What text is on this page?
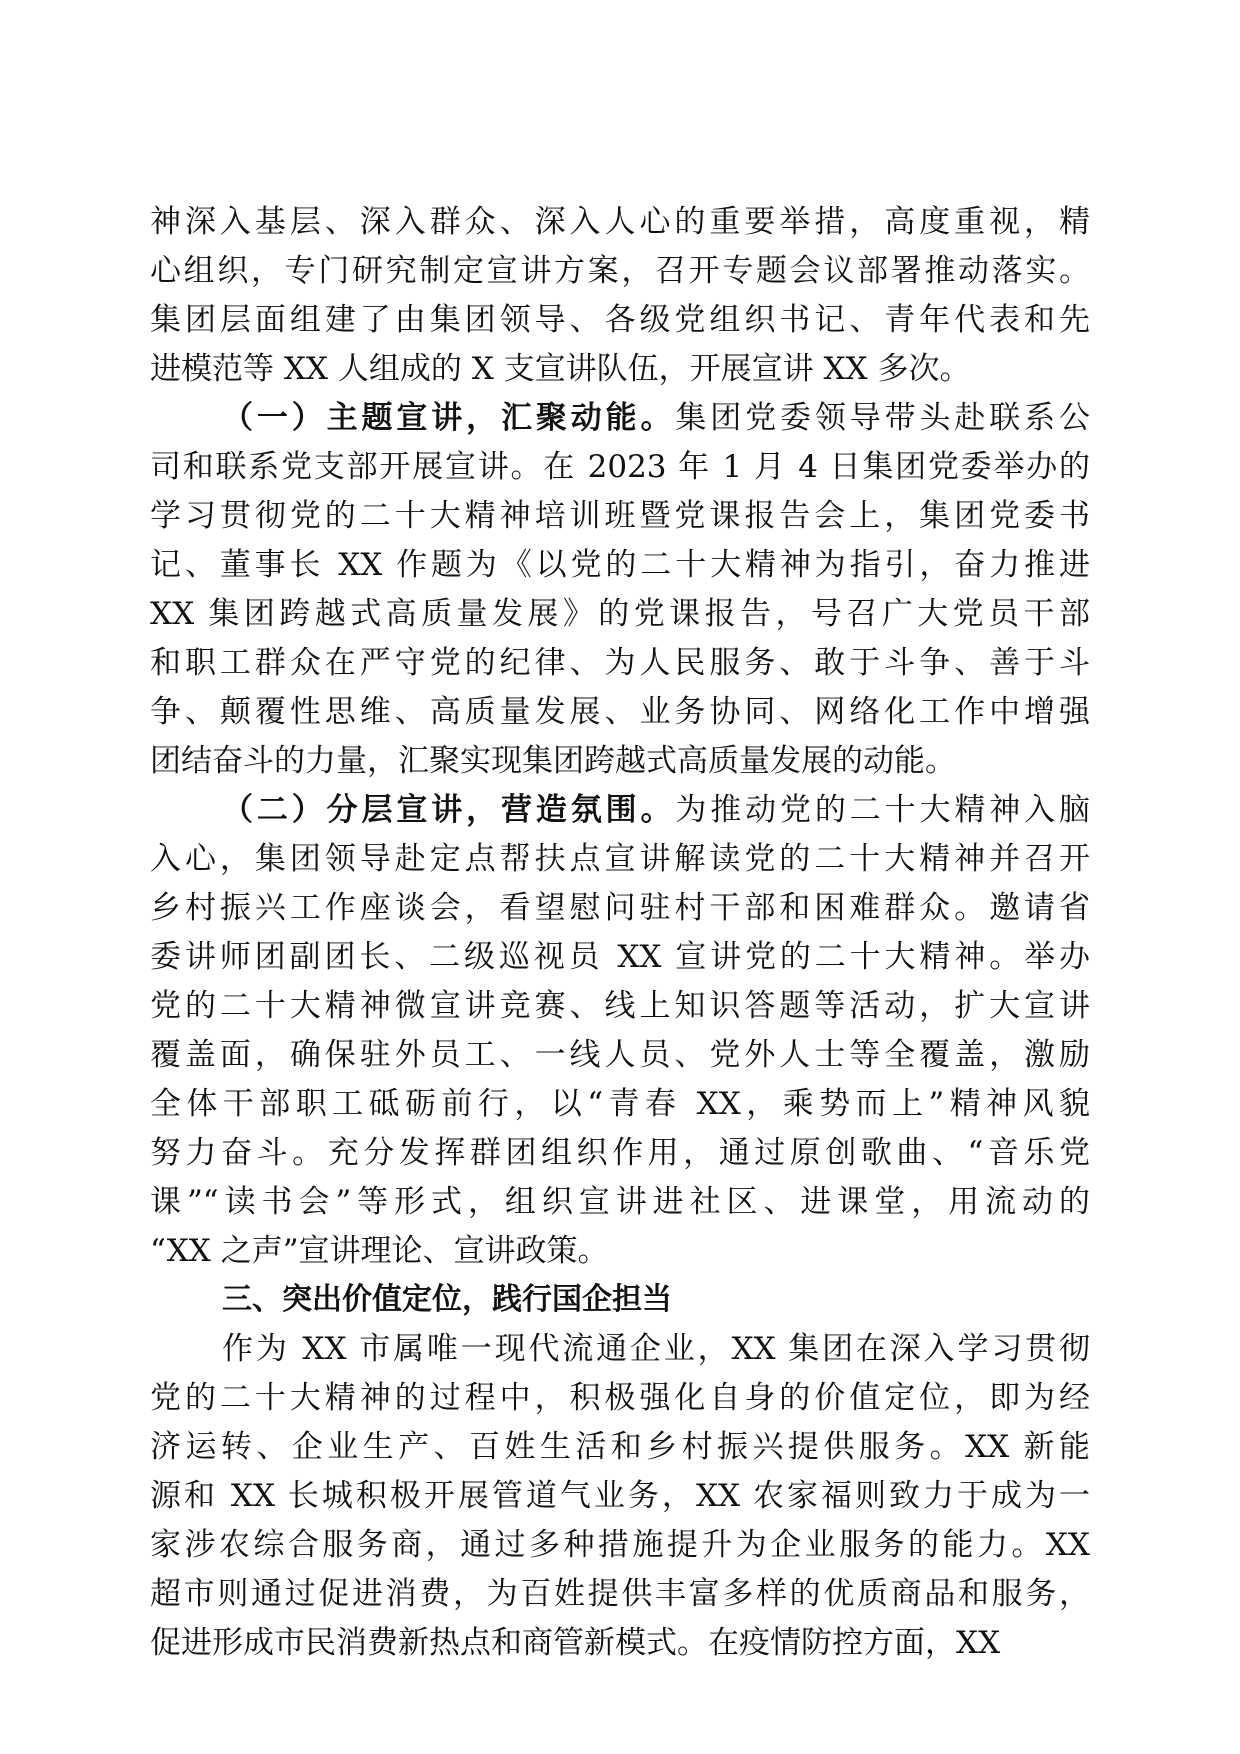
神深入基层、深入群众、深入人心的重要举措，高度重视，精
心组织，专门研究制定宣讲方案，召开专题会议部署推动落实。
集团层面组建了由集团领导、各级党组织书记、青年代表和先
进模范等 XX 人组成的 X 支宣讲队伍，开展宣讲 XX 多次。
（一）主题宣讲，汇聚动能。集团党委领导带头赴联系公
司和联系党支部开展宣讲。在 2023 年 1 月 4 日集团党委举办的
学习贯彻党的二十大精神培训班暨党课报告会上，集团党委书
记、董事长 XX 作题为《以党的二十大精神为指引，奋力推进
XX 集团跨越式高质量发展》的党课报告，号召广大党员干部
和职工群众在严守党的纪律、为人民服务、敢于斗争、善于斗
争、颠覆性思维、高质量发展、业务协同、网络化工作中增强
团结奋斗的力量，汇聚实现集团跨越式高质量发展的动能。
（二）分层宣讲，营造氛围。为推动党的二十大精神入脑
入心，集团领导赴定点帮扶点宣讲解读党的二十大精神并召开
乡村振兴工作座谈会，看望慰问驻村干部和困难群众。邀请省
委讲师团副团长、二级巡视员 XX 宣讲党的二十大精神。举办
党的二十大精神微宣讲竞赛、线上知识答题等活动，扩大宣讲
覆盖面，确保驻外员工、一线人员、党外人士等全覆盖，激励
全体干部职工砥砺前行，以“青春 XX，乘势而上”精神风貌
努力奋斗。充分发挥群团组织作用，通过原创歌曲、“音乐党
课”“读书会”等形式，组织宣讲进社区、进课堂，用流动的
“XX 之声”宣讲理论、宣讲政策。
三、突出价值定位，践行国企担当
作为 XX 市属唯一现代流通企业，XX 集团在深入学习贯彻
党的二十大精神的过程中，积极强化自身的价值定位，即为经
济运转、企业生产、百姓生活和乡村振兴提供服务。XX 新能
源和 XX 长城积极开展管道气业务，XX 农家福则致力于成为一
家涉农综合服务商，通过多种措施提升为企业服务的能力。XX
超市则通过促进消费，为百姓提供丰富多样的优质商品和服务，
促进形成市民消费新热点和商管新模式。在疫情防控方面，XX
